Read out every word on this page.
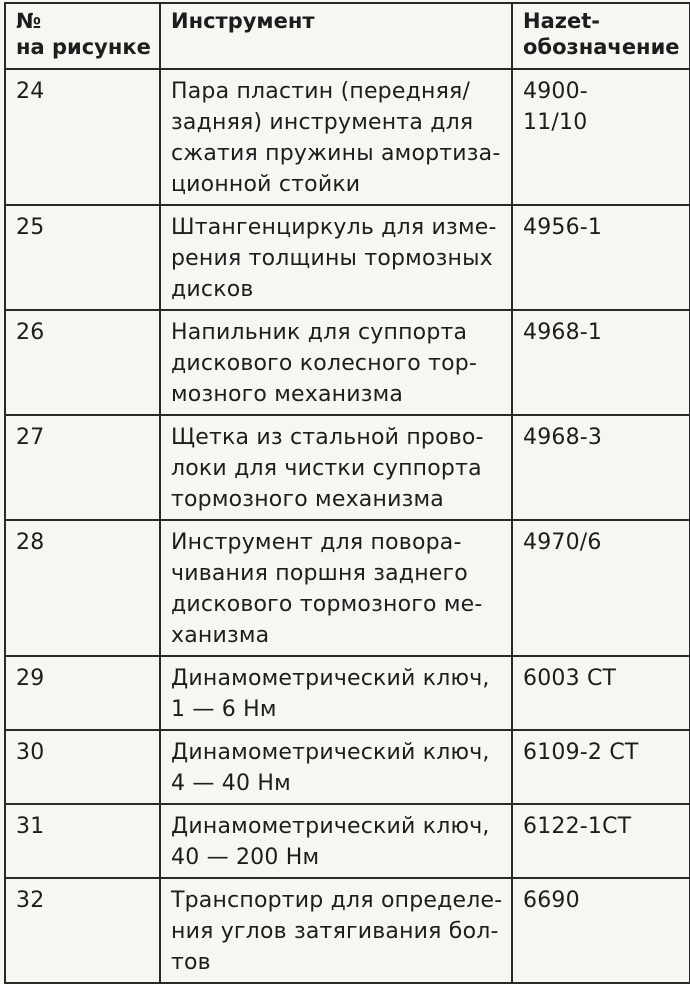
№
на рисунке	Инструмент	Hazet-
обозначение

24	Пара пластин (передняя/
задняя) инструмента для
сжатия пружины амортиза-
ционной стойки	4900-
11/10

25	Штангенциркуль для изме-
рения толщины тормозных
дисков	4956-1

26	Напильник для суппорта
дискового колесного тор-
мозного механизма	4968-1

27	Щетка из стальной прово-
локи для чистки суппорта
тормозного механизма	4968-3

28	Инструмент для повора-
чивания поршня заднего
дискового тормозного ме-
ханизма	4970/6

29	Динамометрический ключ,
1 — 6 Нм	6003 CT

30	Динамометрический ключ,
4 — 40 Нм	6109-2 CT

31	Динамометрический ключ,
40 — 200 Нм	6122-1CT

32	Транспортир для определе-
ния углов затягивания бол-
тов	6690
